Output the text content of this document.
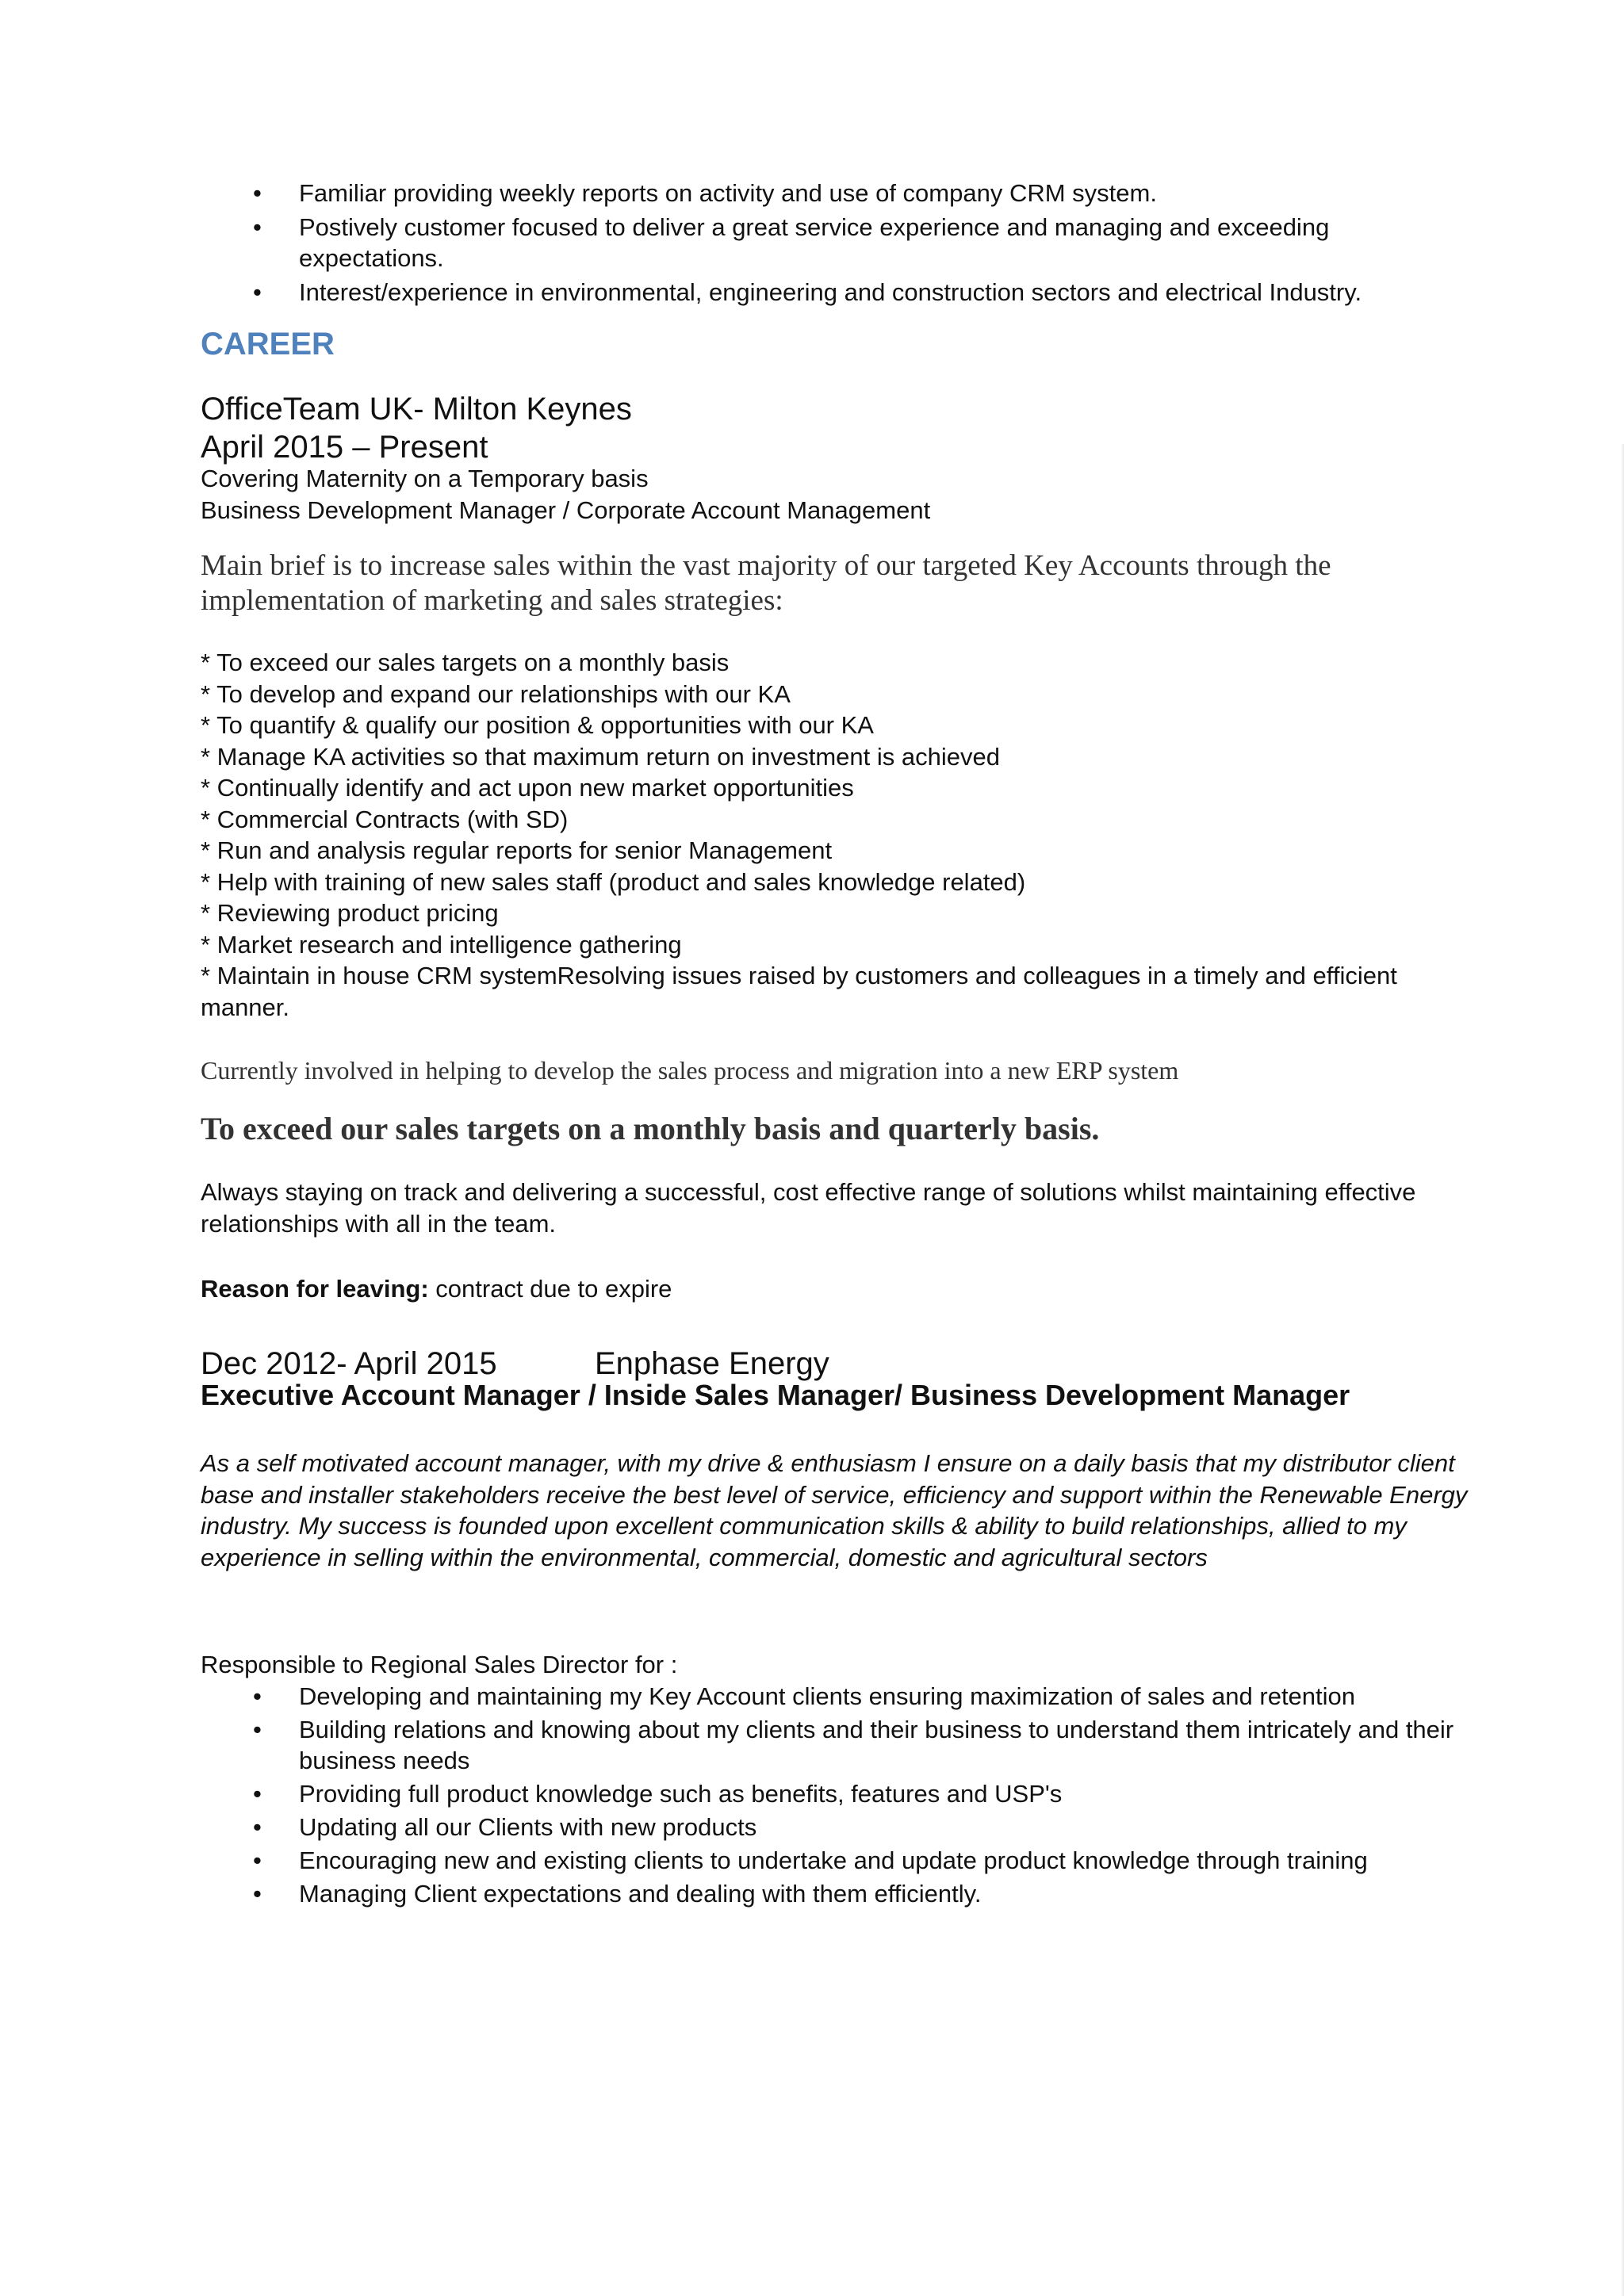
• Familiar providing weekly reports on activity and use of company CRM system.
• Postively customer focused to deliver a great service experience and managing and exceeding expectations.
• Interest/experience in environmental, engineering and construction sectors and electrical Industry.
CAREER
OfficeTeam UK- Milton Keynes
April 2015 – Present
Covering Maternity on a Temporary basis
Business Development Manager / Corporate Account Management
Main brief is to increase sales within the vast majority of our targeted Key Accounts through the implementation of marketing and sales strategies:
* To exceed our sales targets on a monthly basis
* To develop and expand our relationships with our KA
* To quantify & qualify our position & opportunities with our KA
* Manage KA activities so that maximum return on investment is achieved
* Continually identify and act upon new market opportunities
* Commercial Contracts (with SD)
* Run and analysis regular reports for senior Management
* Help with training of new sales staff (product and sales knowledge related)
* Reviewing product pricing
* Market research and intelligence gathering
* Maintain in house CRM systemResolving issues raised by customers and colleagues in a timely and efficient manner.
Currently involved in helping to develop the sales process and migration into a new ERP system
To exceed our sales targets on a monthly basis and quarterly basis.
Always staying on track and delivering a successful, cost effective range of solutions whilst maintaining effective relationships with all in the team.
Reason for leaving: contract due to expire
Dec 2012- April 2015	Enphase Energy
Executive Account Manager / Inside Sales Manager/ Business Development Manager
As a self motivated account manager, with my drive & enthusiasm I ensure on a daily basis that my distributor client base and installer stakeholders receive the best level of service, efficiency and support within the Renewable Energy industry. My success is founded upon excellent communication skills & ability to build relationships, allied to my experience in selling within the environmental, commercial, domestic and agricultural sectors
Responsible to Regional Sales Director for :
• Developing and maintaining my Key Account clients ensuring maximization of sales and retention
• Building relations and knowing about my clients and their business to understand them intricately and their business needs
• Providing full product knowledge such as benefits, features and USP's
• Updating all our Clients with new products
• Encouraging new and existing clients to undertake and update product knowledge through training
• Managing Client expectations and dealing with them efficiently.
